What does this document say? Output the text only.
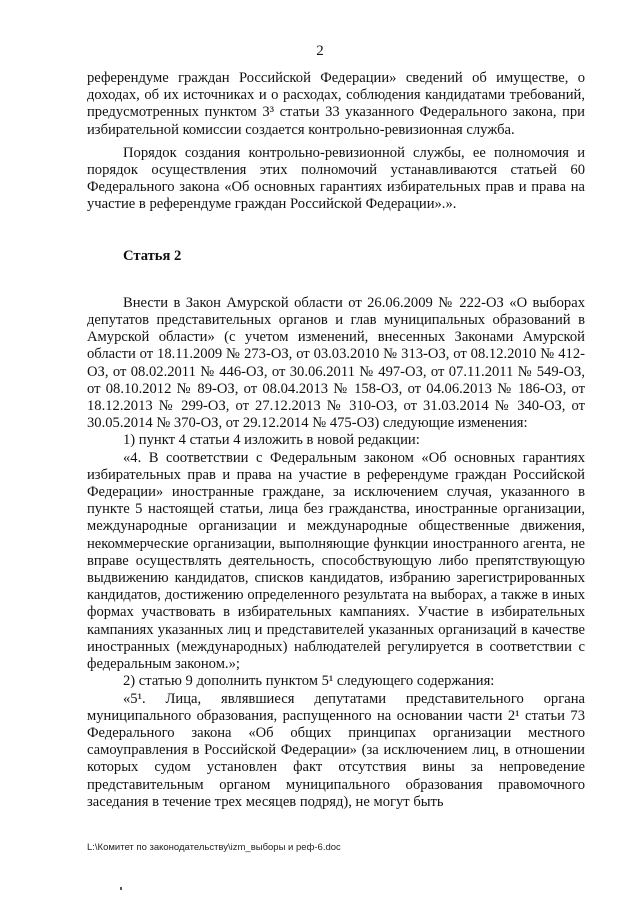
2

референдуме граждан Российской Федерации» сведений об имуществе, о доходах, об их источниках и о расходах, соблюдения кандидатами требований, предусмотренных пунктом 3³ статьи 33 указанного Федерального закона, при избирательной комиссии создается контрольно-ревизионная служба.

Порядок создания контрольно-ревизионной службы, ее полномочия и порядок осуществления этих полномочий устанавливаются статьей 60 Федерального закона «Об основных гарантиях избирательных прав и права на участие в референдуме граждан Российской Федерации».».

Статья 2

Внести в Закон Амурской области от 26.06.2009 № 222-ОЗ «О выборах депутатов представительных органов и глав муниципальных образований в Амурской области» (с учетом изменений, внесенных Законами Амурской области от 18.11.2009 № 273-ОЗ, от 03.03.2010 № 313-ОЗ, от 08.12.2010 № 412-ОЗ, от 08.02.2011 № 446-ОЗ, от 30.06.2011 № 497-ОЗ, от 07.11.2011 № 549-ОЗ, от 08.10.2012 № 89-ОЗ, от 08.04.2013 № 158-ОЗ, от 04.06.2013 № 186-ОЗ, от 18.12.2013 № 299-ОЗ, от 27.12.2013 № 310-ОЗ, от 31.03.2014 № 340-ОЗ, от 30.05.2014 № 370-ОЗ, от 29.12.2014 № 475-ОЗ) следующие изменения:

1) пункт 4 статьи 4 изложить в новой редакции:

«4. В соответствии с Федеральным законом «Об основных гарантиях избирательных прав и права на участие в референдуме граждан Российской Федерации» иностранные граждане, за исключением случая, указанного в пункте 5 настоящей статьи, лица без гражданства, иностранные организации, международные организации и международные общественные движения, некоммерческие организации, выполняющие функции иностранного агента, не вправе осуществлять деятельность, способствующую либо препятствующую выдвижению кандидатов, списков кандидатов, избранию зарегистрированных кандидатов, достижению определенного результата на выборах, а также в иных формах участвовать в избирательных кампаниях. Участие в избирательных кампаниях указанных лиц и представителей указанных организаций в качестве иностранных (международных) наблюдателей регулируется в соответствии с федеральным законом.»;

2) статью 9 дополнить пунктом 5¹ следующего содержания:

«5¹. Лица, являвшиеся депутатами представительного органа муниципального образования, распущенного на основании части 2¹ статьи 73 Федерального закона «Об общих принципах организации местного самоуправления в Российской Федерации» (за исключением лиц, в отношении которых судом установлен факт отсутствия вины за непроведение представительным органом муниципального образования правомочного заседания в течение трех месяцев подряд), не могут быть

L:\Комитет по законодательству\izm_выборы и реф-6.doc
